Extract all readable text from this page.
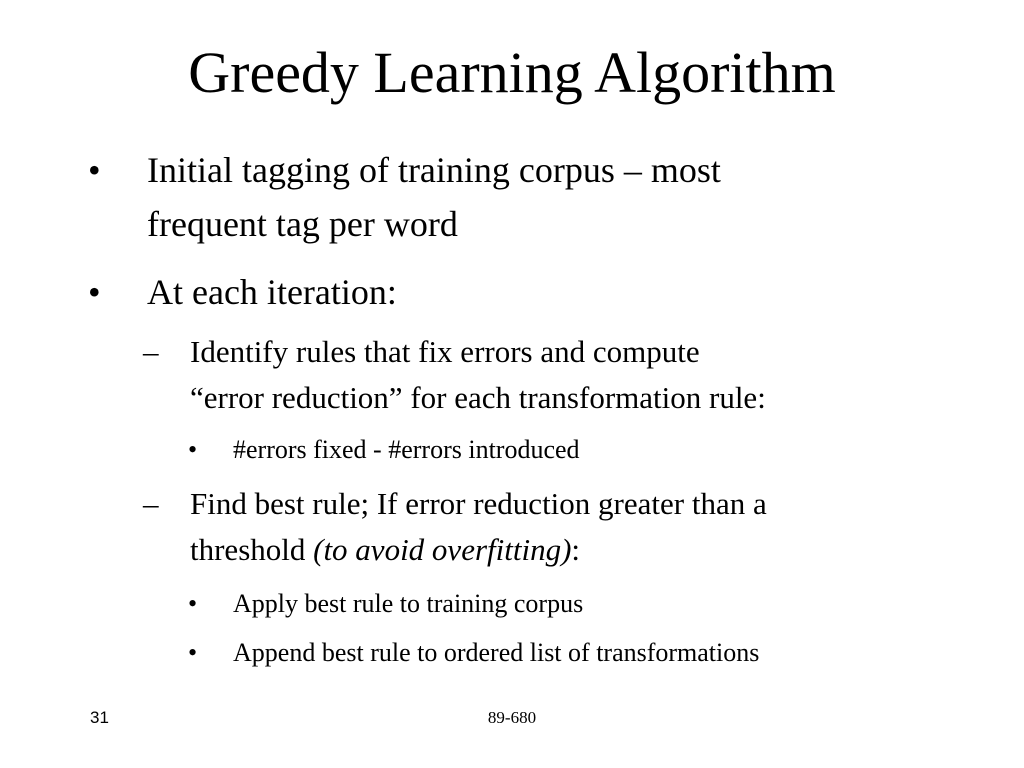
Greedy Learning Algorithm
• Initial tagging of training corpus – most
frequent tag per word
• At each iteration:
– Identify rules that fix errors and compute
“error reduction” for each transformation rule:
• #errors fixed - #errors introduced
– Find best rule; If error reduction greater than a
threshold (to avoid overfitting):
• Apply best rule to training corpus
• Append best rule to ordered list of transformations
31	89-680
